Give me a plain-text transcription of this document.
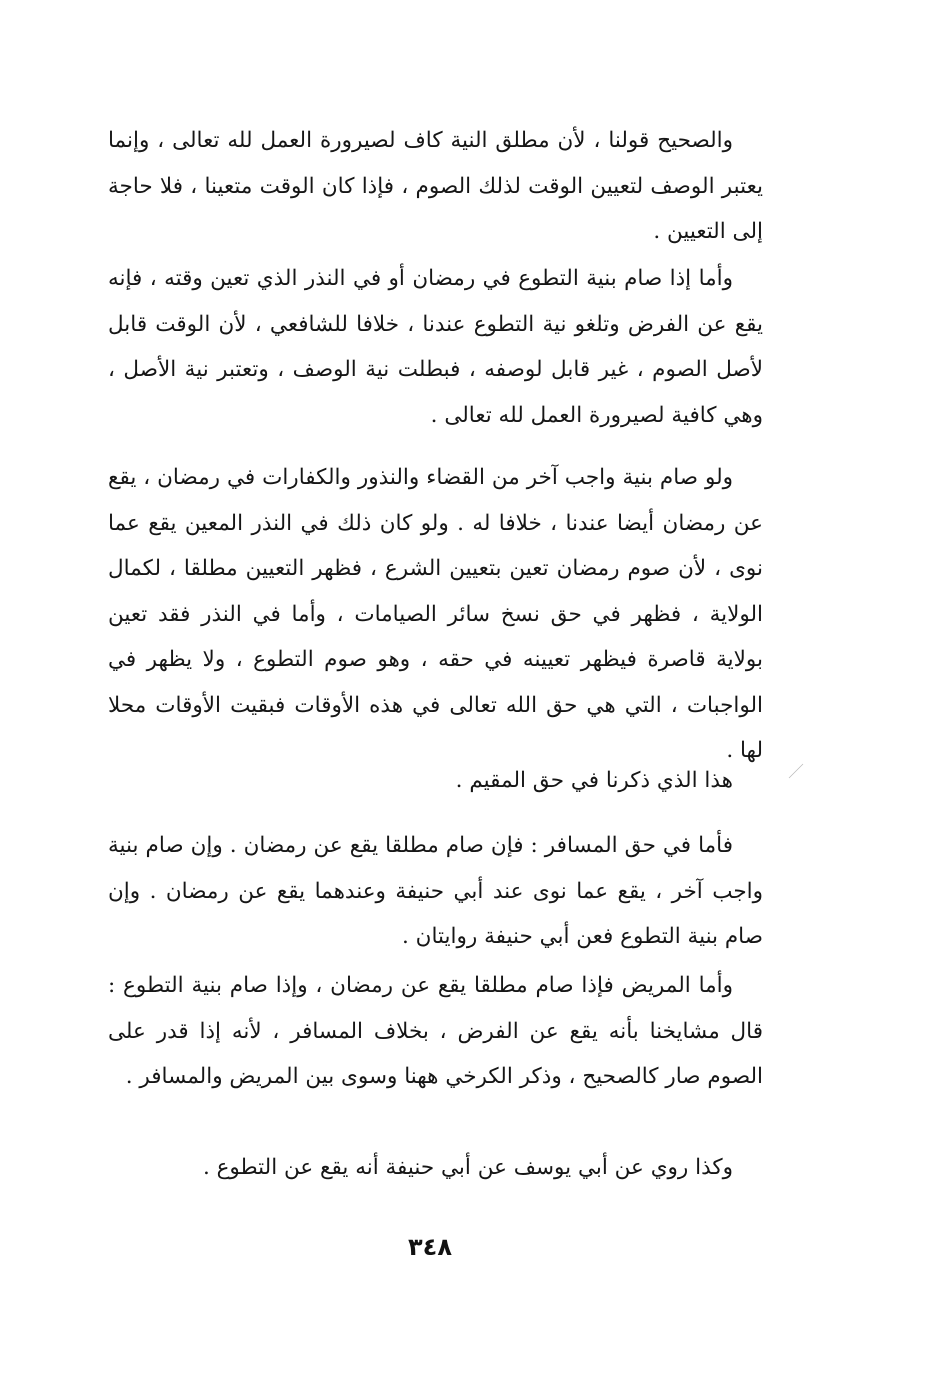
والصحيح قولنا ، لأن مطلق النية كاف لصيرورة العمل لله تعالى ، وإنما يعتبر الوصف لتعيين الوقت لذلك الصوم ، فإذا كان الوقت متعينا ، فلا حاجة إلى التعيين .

وأما إذا صام بنية التطوع في رمضان أو في النذر الذي تعين وقته ، فإنه يقع عن الفرض وتلغو نية التطوع عندنا ، خلافا للشافعي ، لأن الوقت قابل لأصل الصوم ، غير قابل لوصفه ، فبطلت نية الوصف ، وتعتبر نية الأصل ، وهي كافية لصيرورة العمل لله تعالى .

ولو صام بنية واجب آخر من القضاء والنذور والكفارات في رمضان ، يقع عن رمضان أيضا عندنا ، خلافا له . ولو كان ذلك في النذر المعين يقع عما نوى ، لأن صوم رمضان تعين بتعيين الشرع ، فظهر التعيين مطلقا ، لكمال الولاية ، فظهر في حق نسخ سائر الصيامات ، وأما في النذر فقد تعين بولاية قاصرة فيظهر تعيينه في حقه ، وهو صوم التطوع ، ولا يظهر في الواجبات ، التي هي حق الله تعالى في هذه الأوقات فبقيت الأوقات محلا لها .

هذا الذي ذكرنا في حق المقيم .

فأما في حق المسافر : فإن صام مطلقا يقع عن رمضان . وإن صام بنية واجب آخر ، يقع عما نوى عند أبي حنيفة وعندهما يقع عن رمضان . وإن صام بنية التطوع فعن أبي حنيفة روايتان .

وأما المريض فإذا صام مطلقا يقع عن رمضان ، وإذا صام بنية التطوع : قال مشايخنا بأنه يقع عن الفرض ، بخلاف المسافر ، لأنه إذا قدر على الصوم صار كالصحيح ، وذكر الكرخي ههنا وسوى بين المريض والمسافر .

وكذا روي عن أبي يوسف عن أبي حنيفة أنه يقع عن التطوع .

٣٤٨
